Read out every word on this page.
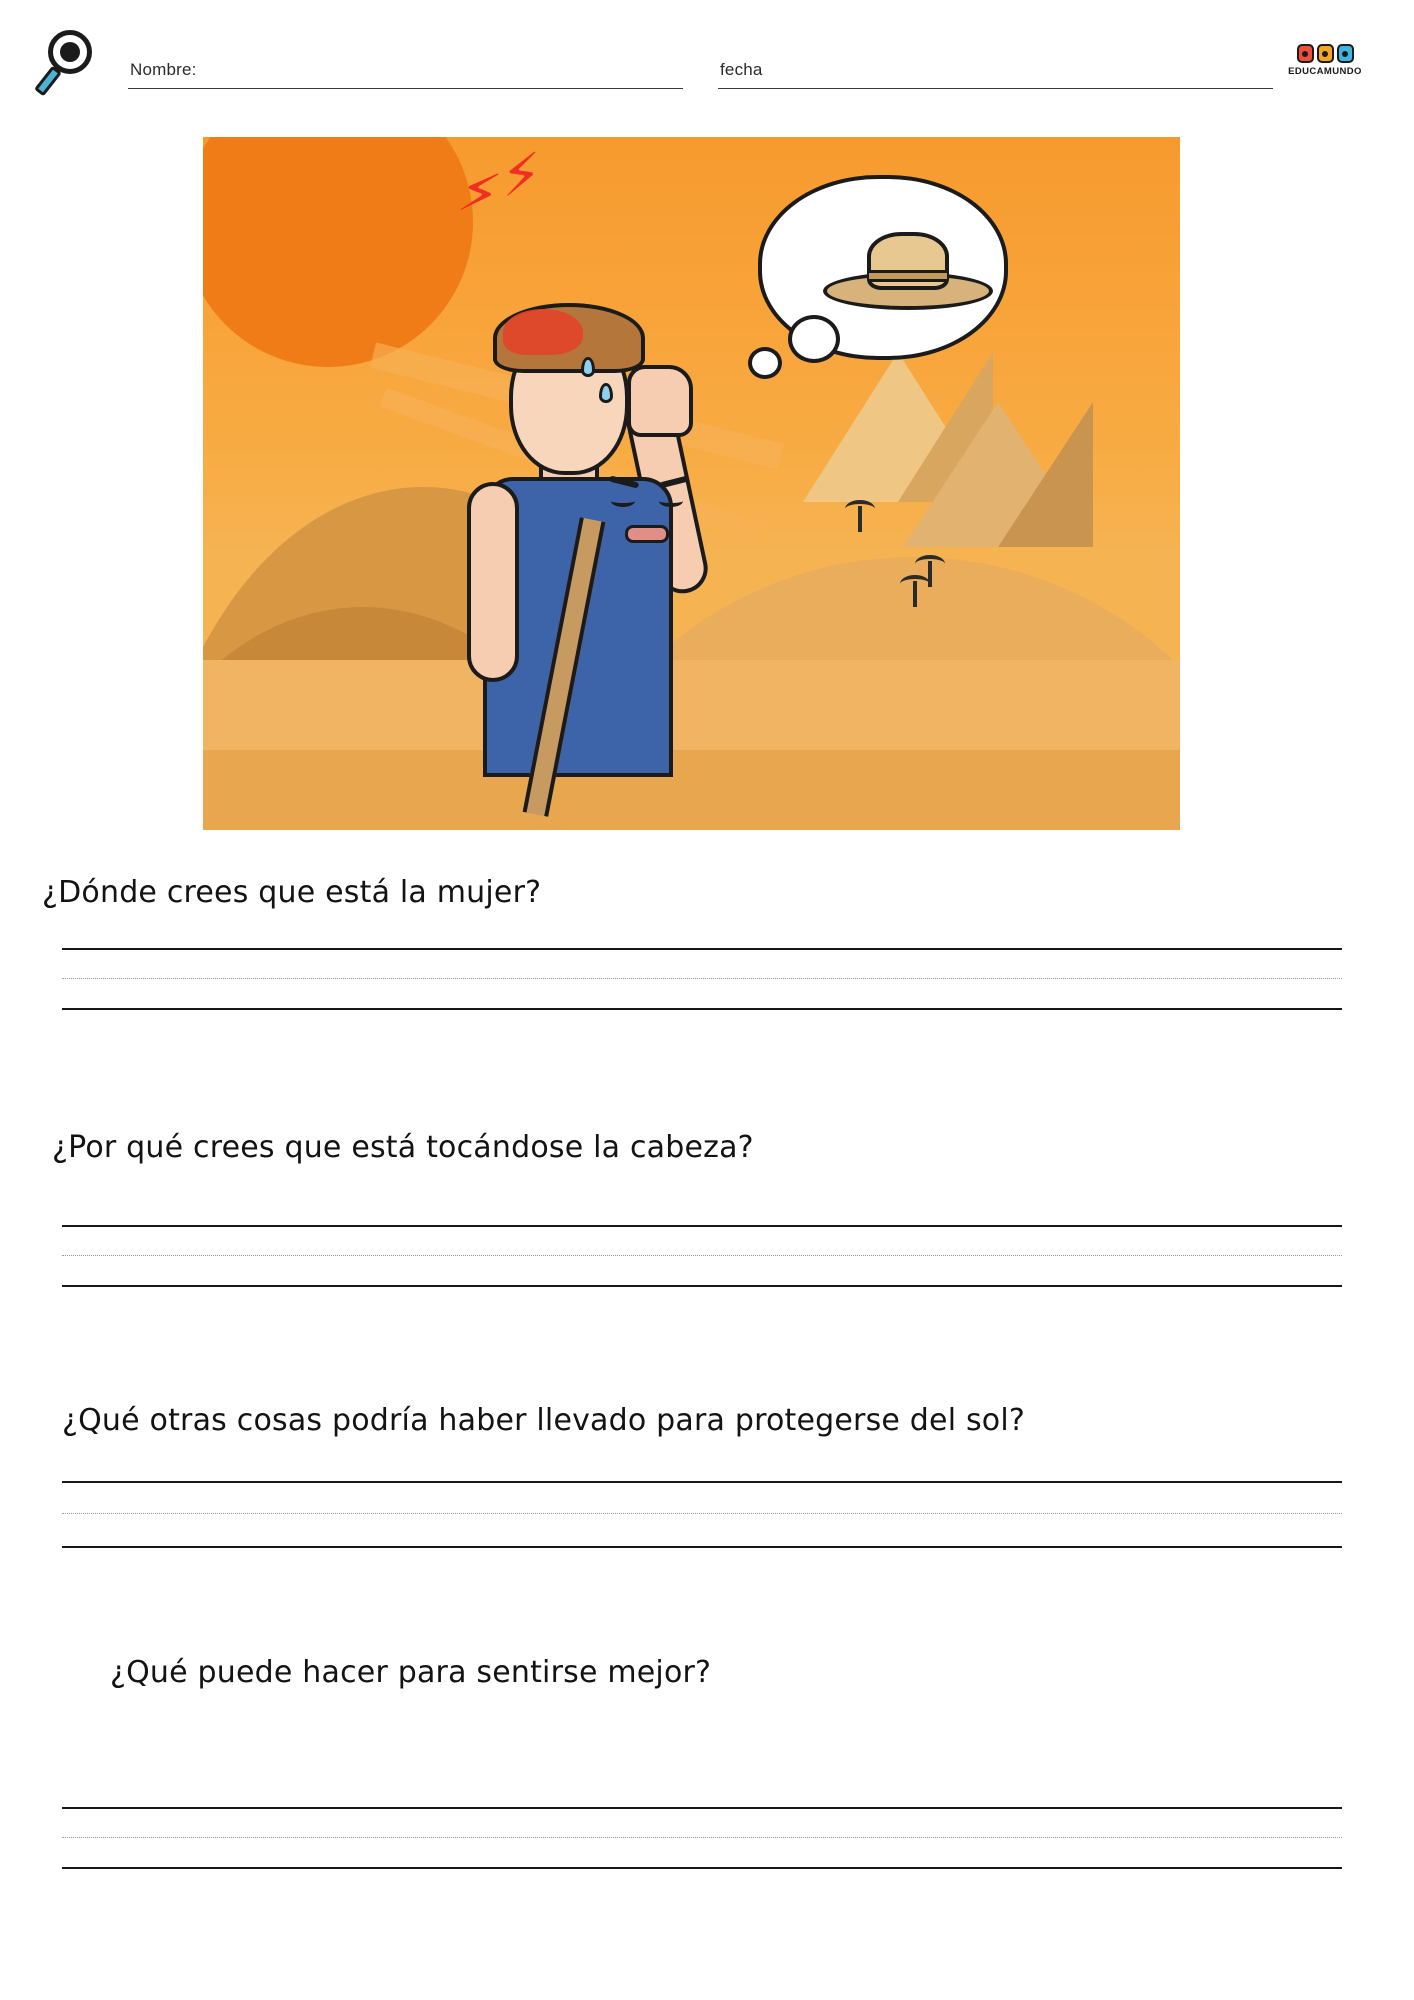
Nombre:	fecha	EDUCAMUNDO
⚡
⚡
¿Dónde crees que está la mujer?
¿Por qué crees que está tocándose la cabeza?
¿Qué otras cosas podría haber llevado para protegerse del sol?
¿Qué puede hacer para sentirse mejor?
